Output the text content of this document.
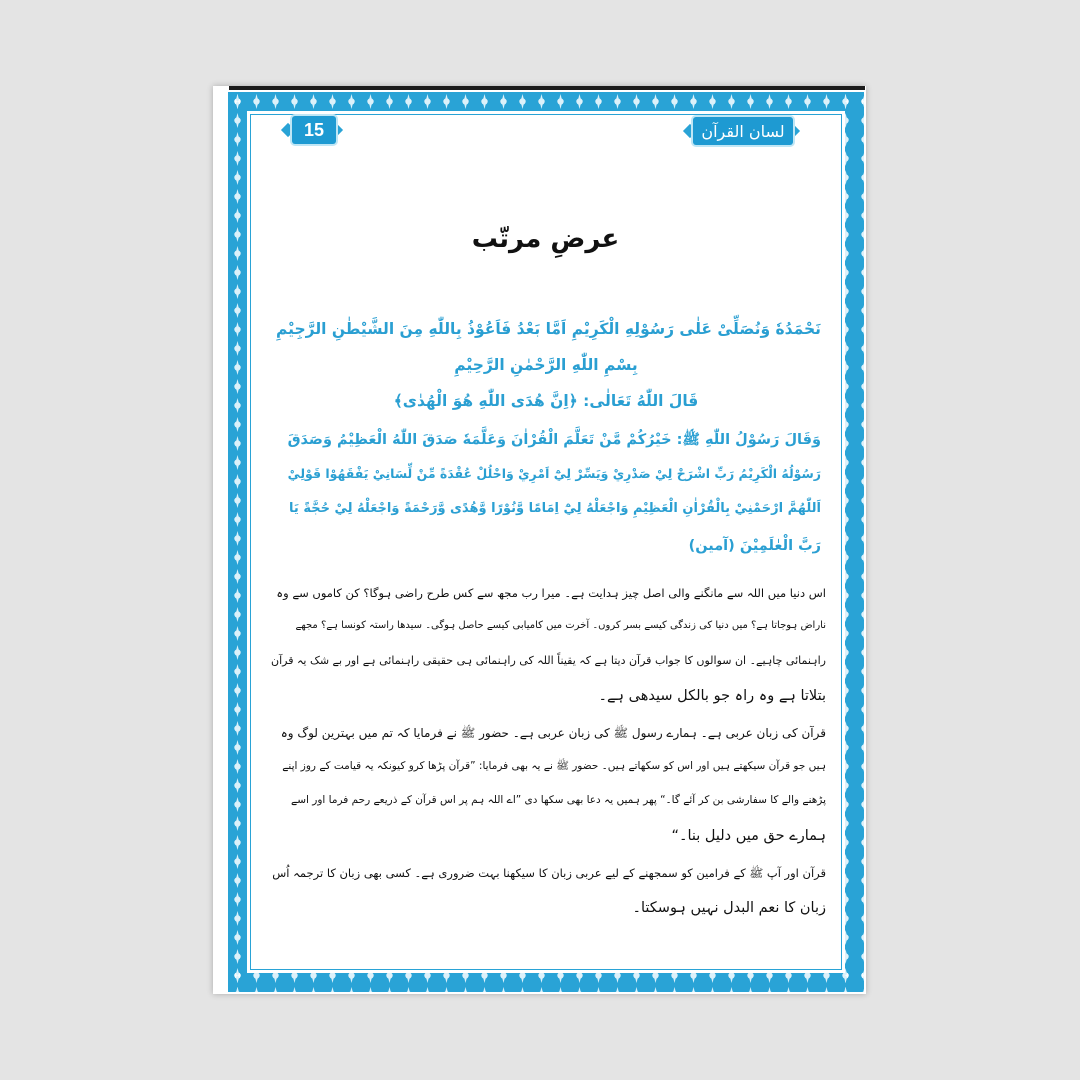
15	لسان القرآن
عرضِ مرتّب
نَحْمَدُهٗ وَنُصَلِّیْ عَلٰی رَسُوْلِهِ الْكَرِيْمِ اَمَّا بَعْدُ فَاَعُوْذُ بِاللّٰهِ مِنَ الشَّيْطٰنِ الرَّجِيْمِ
بِسْمِ اللّٰهِ الرَّحْمٰنِ الرَّحِيْمِ
قَالَ اللّٰهُ تَعَالٰی: ﴿اِنَّ هُدَى اللّٰهِ هُوَ الْهُدٰى﴾
وَقَالَ رَسُوْلُ اللّٰهِ ﷺ: خَيْرُكُمْ مَّنْ تَعَلَّمَ الْقُرْاٰنَ وَعَلَّمَهٗ صَدَقَ اللّٰهُ الْعَظِيْمُ وَصَدَقَ
رَسُوْلُهُ الْكَرِيْمُ رَبِّ اشْرَحْ لِيْ صَدْرِيْ وَيَسِّرْ لِيْٓ اَمْرِيْ وَاحْلُلْ عُقْدَةً مِّنْ لِّسَانِيْ يَفْقَهُوْا قَوْلِيْ
اَللّٰهُمَّ ارْحَمْنِيْ بِالْقُرْاٰنِ الْعَظِيْمِ وَاجْعَلْهُ لِيْٓ اِمَامًا وَّنُوْرًا وَّهُدًى وَّرَحْمَةً وَاجْعَلْهُ لِيْ حُجَّةً يَا
رَبَّ الْعٰلَمِيْنَ (آمين)
اس دنیا میں اللہ سے مانگنے والی اصل چیز ہدایت ہے۔ میرا رب مجھ سے کس طرح راضی ہوگا؟ کن کاموں سے وہ
ناراض ہوجاتا ہے؟ میں دنیا کی زندگی کیسے بسر کروں۔ آخرت میں کامیابی کیسے حاصل ہوگی۔ سیدھا راستہ کونسا ہے؟ مجھے
راہنمائی چاہیے۔ ان سوالوں کا جواب قرآن دیتا ہے کہ یقیناً اللہ کی راہنمائی ہی حقیقی راہنمائی ہے اور بے شک یہ قرآن
بتلاتا ہے وہ راہ جو بالکل سیدھی ہے۔
قرآن کی زبان عربی ہے۔ ہمارے رسول ﷺ کی زبان عربی ہے۔ حضور ﷺ نے فرمایا کہ تم میں بہترین لوگ وہ
ہیں جو قرآن سیکھتے ہیں اور اس کو سکھاتے ہیں۔ حضور ﷺ نے یہ بھی فرمایا: ”قرآن پڑھا کرو کیونکہ یہ قیامت کے روز اپنے
پڑھنے والے کا سفارشی بن کر آئے گا۔“ پھر ہمیں یہ دعا بھی سکھا دی ”اے اللہ ہم پر اس قرآن کے ذریعے رحم فرما اور اسے
ہمارے حق میں دلیل بنا۔“
قرآن اور آپ ﷺ کے فرامین کو سمجھنے کے لیے عربی زبان کا سیکھنا بہت ضروری ہے۔ کسی بھی زبان کا ترجمہ اُس
زبان کا نعم البدل نہیں ہوسکتا۔
